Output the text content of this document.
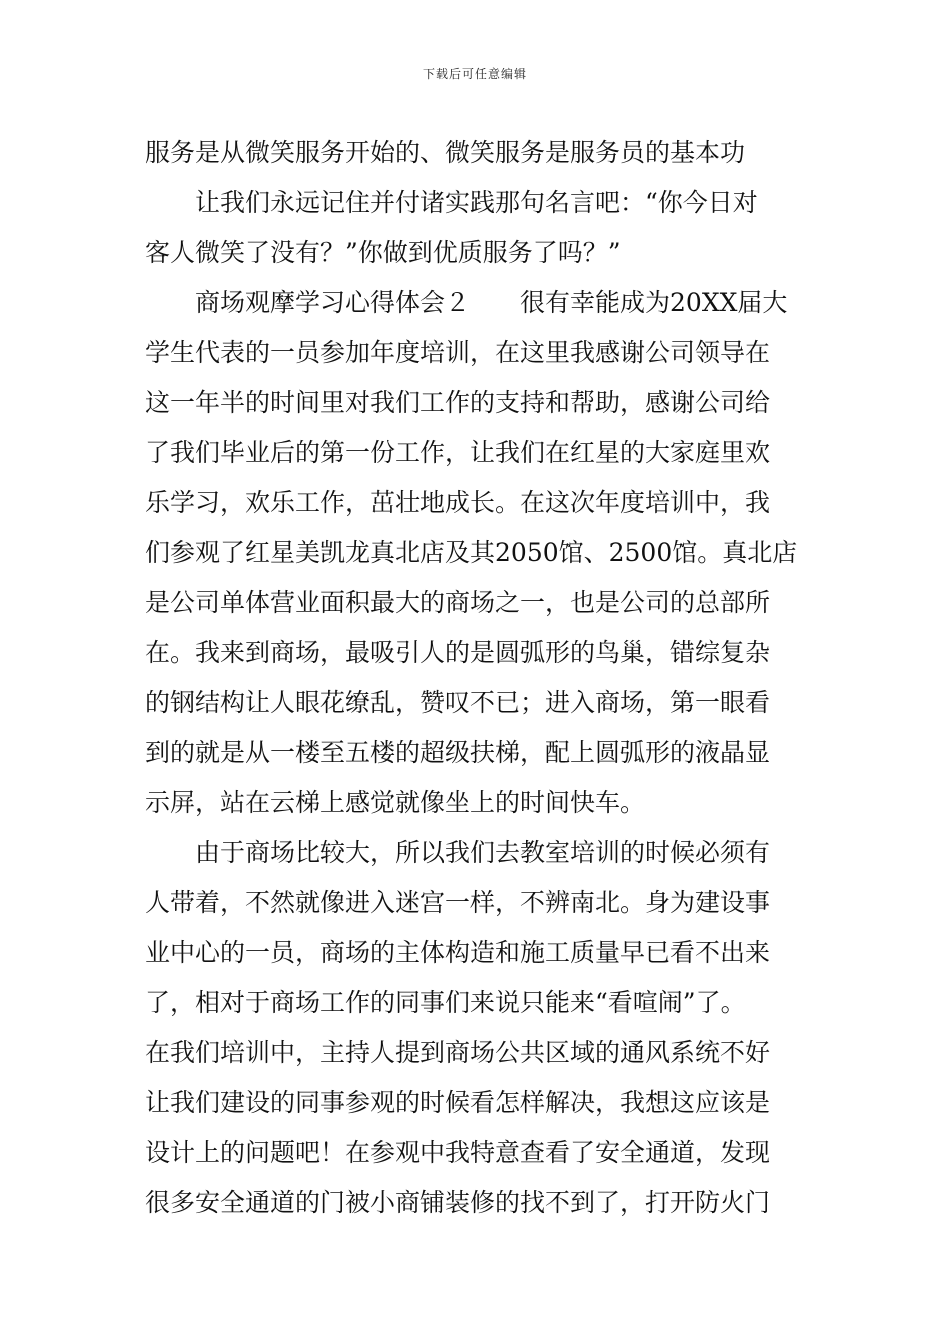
下载后可任意编辑
服务是从微笑服务开始的、微笑服务是服务员的基本功
　　让我们永远记住并付诸实践那句名言吧：“你今日对
客人微笑了没有？”你做到优质服务了吗？”
　　商场观摩学习心得体会２　　很有幸能成为20XX届大
学生代表的一员参加年度培训，在这里我感谢公司领导在
这一年半的时间里对我们工作的支持和帮助，感谢公司给
了我们毕业后的第一份工作，让我们在红星的大家庭里欢
乐学习，欢乐工作，茁壮地成长。在这次年度培训中，我
们参观了红星美凯龙真北店及其2050馆、2500馆。真北店
是公司单体营业面积最大的商场之一，也是公司的总部所
在。我来到商场，最吸引人的是圆弧形的鸟巢，错综复杂
的钢结构让人眼花缭乱，赞叹不已；进入商场，第一眼看
到的就是从一楼至五楼的超级扶梯，配上圆弧形的液晶显
示屏，站在云梯上感觉就像坐上的时间快车。
　　由于商场比较大，所以我们去教室培训的时候必须有
人带着，不然就像进入迷宫一样，不辨南北。身为建设事
业中心的一员，商场的主体构造和施工质量早已看不出来
了，相对于商场工作的同事们来说只能来“看喧闹”了。
在我们培训中，主持人提到商场公共区域的通风系统不好
让我们建设的同事参观的时候看怎样解决，我想这应该是
设计上的问题吧！在参观中我特意查看了安全通道，发现
很多安全通道的门被小商铺装修的找不到了，打开防火门
